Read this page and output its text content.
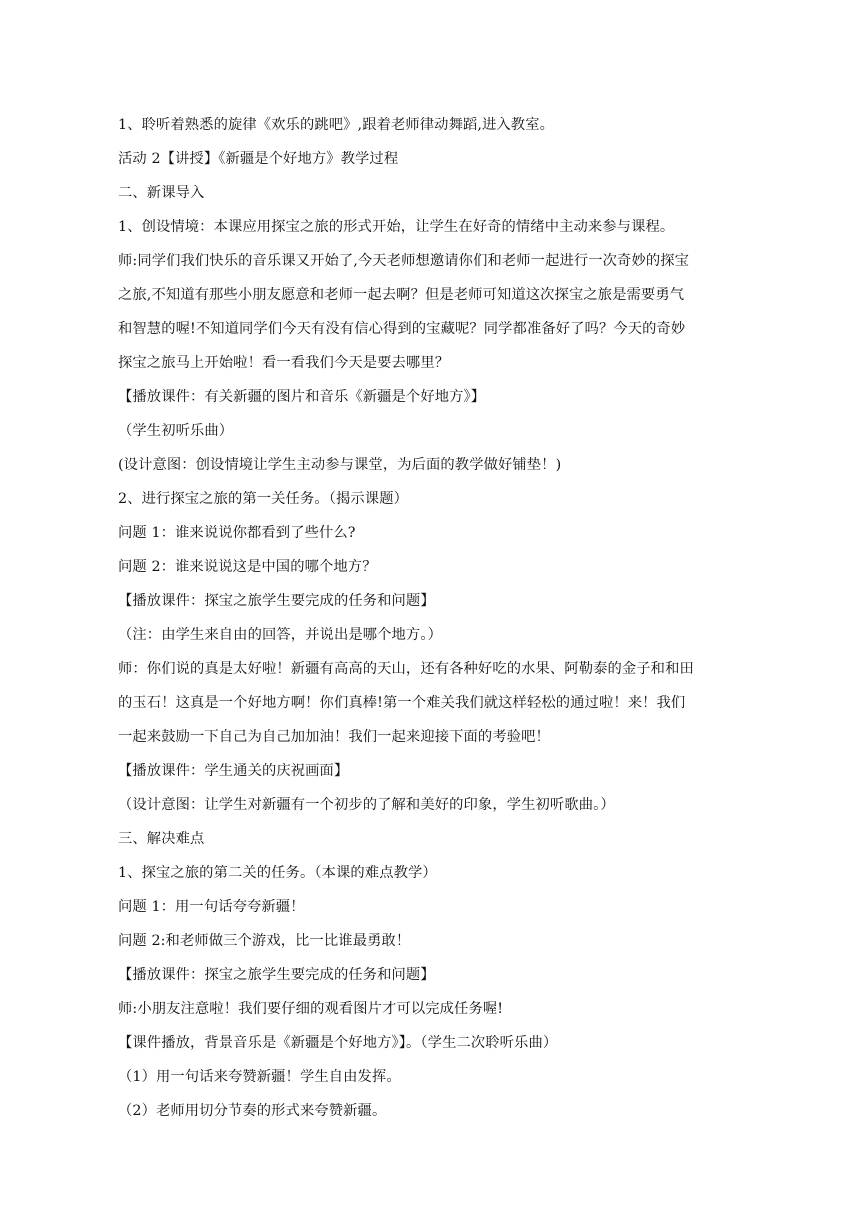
1、聆听着熟悉的旋律《欢乐的跳吧》,跟着老师律动舞蹈,进入教室。
活动 2【讲授】《新疆是个好地方》教学过程
二、新课导入
1、创设情境：本课应用探宝之旅的形式开始，让学生在好奇的情绪中主动来参与课程。
师:同学们我们快乐的音乐课又开始了,今天老师想邀请你们和老师一起进行一次奇妙的探宝
之旅,不知道有那些小朋友愿意和老师一起去啊？但是老师可知道这次探宝之旅是需要勇气
和智慧的喔!不知道同学们今天有没有信心得到的宝藏呢？同学都准备好了吗？今天的奇妙
探宝之旅马上开始啦！看一看我们今天是要去哪里？
【播放课件：有关新疆的图片和音乐《新疆是个好地方》】
（学生初听乐曲）
(设计意图：创设情境让学生主动参与课堂，为后面的教学做好铺垫！)
2、进行探宝之旅的第一关任务。（揭示课题）
问题 1：谁来说说你都看到了些什么?
问题 2：谁来说说这是中国的哪个地方？
【播放课件：探宝之旅学生要完成的任务和问题】
（注：由学生来自由的回答，并说出是哪个地方。）
师：你们说的真是太好啦！新疆有高高的天山，还有各种好吃的水果、阿勒泰的金子和和田
的玉石！这真是一个好地方啊！你们真棒!第一个难关我们就这样轻松的通过啦！来！我们
一起来鼓励一下自己为自己加加油！我们一起来迎接下面的考验吧！
【播放课件：学生通关的庆祝画面】
（设计意图：让学生对新疆有一个初步的了解和美好的印象，学生初听歌曲。）
三、解决难点
1、探宝之旅的第二关的任务。（本课的难点教学）
问题 1：用一句话夸夸新疆！
问题 2:和老师做三个游戏，比一比谁最勇敢！
【播放课件：探宝之旅学生要完成的任务和问题】
师:小朋友注意啦！我们要仔细的观看图片才可以完成任务喔!
【课件播放，背景音乐是《新疆是个好地方》】。（学生二次聆听乐曲）
（1）用一句话来夸赞新疆！学生自由发挥。
（2）老师用切分节奏的形式来夸赞新疆。
